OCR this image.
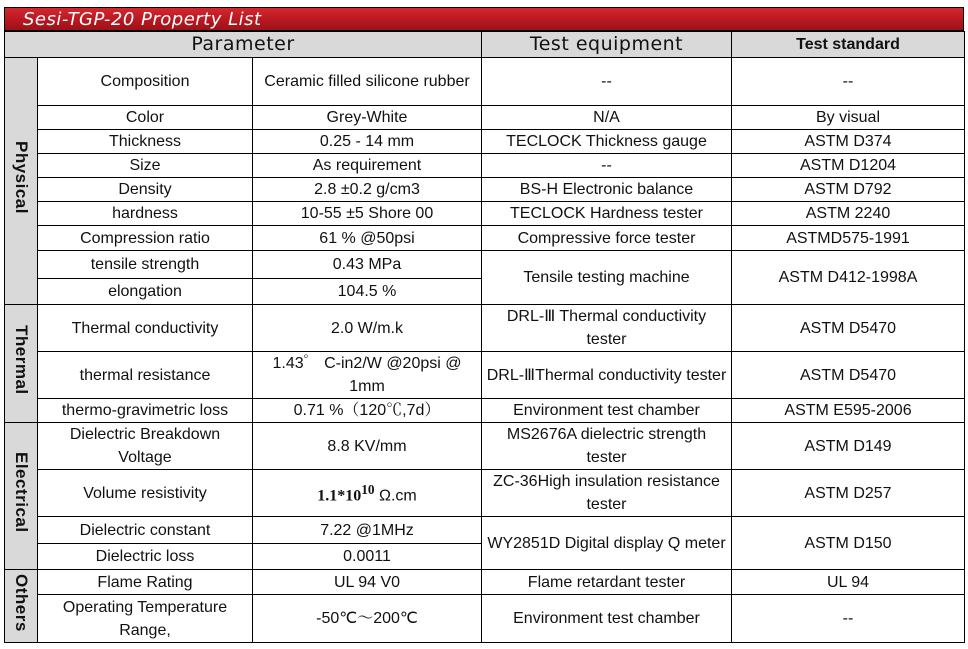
Sesi-TGP-20 Property List
Parameter			Test equipment	Test standard
Physical	Composition	Ceramic filled silicone rubber	--	--
	Color	Grey-White	N/A	By visual
	Thickness	0.25 - 14 mm	TECLOCK Thickness gauge	ASTM D374
	Size	As requirement	--	ASTM D1204
	Density	2.8 ±0.2 g/cm3	BS-H Electronic balance	ASTM D792
	hardness	10-55 ±5 Shore 00	TECLOCK Hardness tester	ASTM 2240
	Compression ratio	61 % @50psi	Compressive force tester	ASTMD575-1991
	tensile strength	0.43 MPa	Tensile testing machine	ASTM D412-1998A
	elongation	104.5 %		
Thermal	Thermal conductivity	2.0 W/m.k	DRL-Ⅲ Thermal conductivity tester	ASTM D5470
	thermal resistance	1.43゜ C-in2/W @20psi @ 1mm	DRL-ⅢThermal conductivity tester	ASTM D5470
	thermo-gravimetric loss	0.71 %（120℃,7d）	Environment test chamber	ASTM E595-2006
Electrical	Dielectric Breakdown Voltage	8.8 KV/mm	MS2676A dielectric strength tester	ASTM D149
	Volume resistivity	$1.1*10^{10}$ Ω.cm	ZC-36High insulation resistance tester	ASTM D257
	Dielectric constant	7.22 @1MHz	WY2851D Digital display Q meter	ASTM D150
	Dielectric loss	0.0011		
Others	Flame Rating	UL 94 V0	Flame retardant tester	UL 94
	Operating Temperature Range,	-50℃～200℃	Environment test chamber	--
